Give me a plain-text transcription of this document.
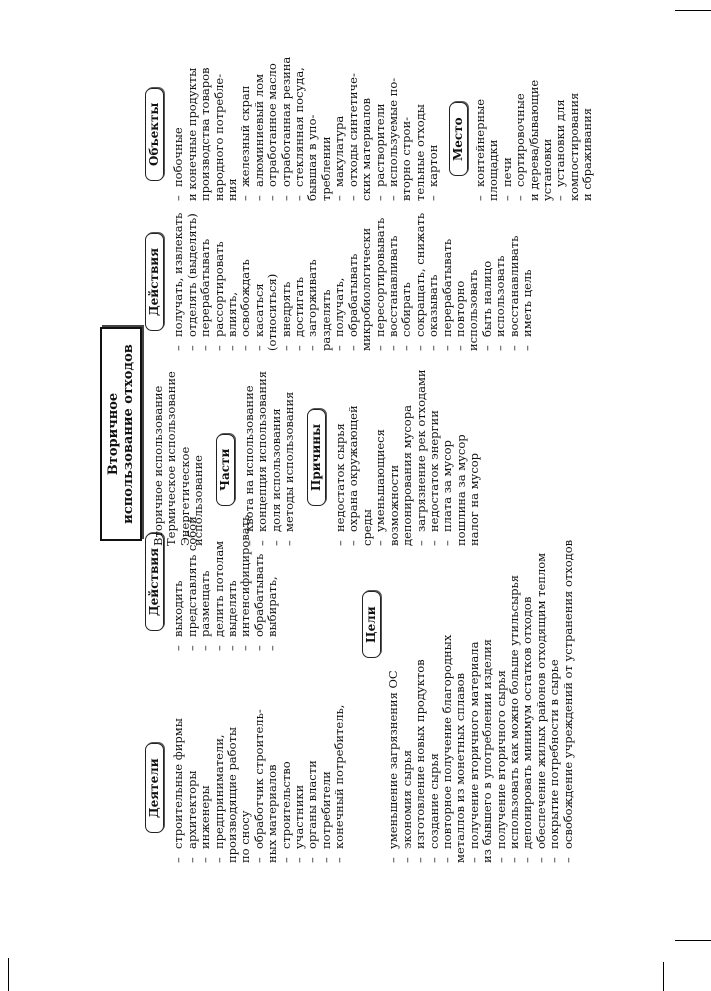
Деятели – строительные фирмы – архитекторы – инженеры – предприниматели, производящие работы по сносу – обработчик строитель- ных материалов – строительство – участники – органы власти – потребители – конечный потребитель,
Действия – выходить – представлять собой – размещать – делить потолам – выделять – интенсифицировать – обрабатывать – выбирать,	Цели
– уменьшение загрязнения ОС – экономия сырья – изготовление новых продуктов – создание сырья – повторное получение благородных металлов из монетных сплавов – получение вторичного материала из бывшего в употреблении изделия – получение вторичного сырья – использовать как можно больше утильсырья – депонировать минимум остатков отходов – обеспечение жилых районов отходящим теплом – покрытие потребности в сырье – освобождение учреждений от устранения отходов
Вторичное использование отходов Вторичное использование Термическое использование Энергетическое использование Части – квота на использование – концепция использования – доля использования – методы использования Причины – недостаток сырья – охрана окружающей среды – уменьшающиеся возможности депонирования мусора – загрязнение рек отходами – недостаток энергии – плата за мусор пошлина за мусор налог на мусор
Действия – получать, извлекать – отделять (выделять) – перерабатывать – рассортировать – влиять, – освобождать – касаться (относиться) – внедрять – достигать – загорживать разделять – получать, – обрабатывать микробиологически – пересортировывать – восстанавливать – собирать – сокращать, снижать – оказывать – перерабатывать – повторно использовать – быть налицо – использовать – восстанавливать – иметь цель
Объекты – побочные и конечные продукты производства товаров народного потребле- ния
– железный скрап – алюминиевый лом – отработанное масло – отработанная резина – стеклянная посуда, бывшая в упо- треблении – макулатура – отходы синтетиче- ских материалов – растворители – используемые по- вторно строи- тельные отходы – картон
Место – контейнерные площадки – печи – сортировочные и дерева/бывающие установки – установки для компостирования и сбраживания
